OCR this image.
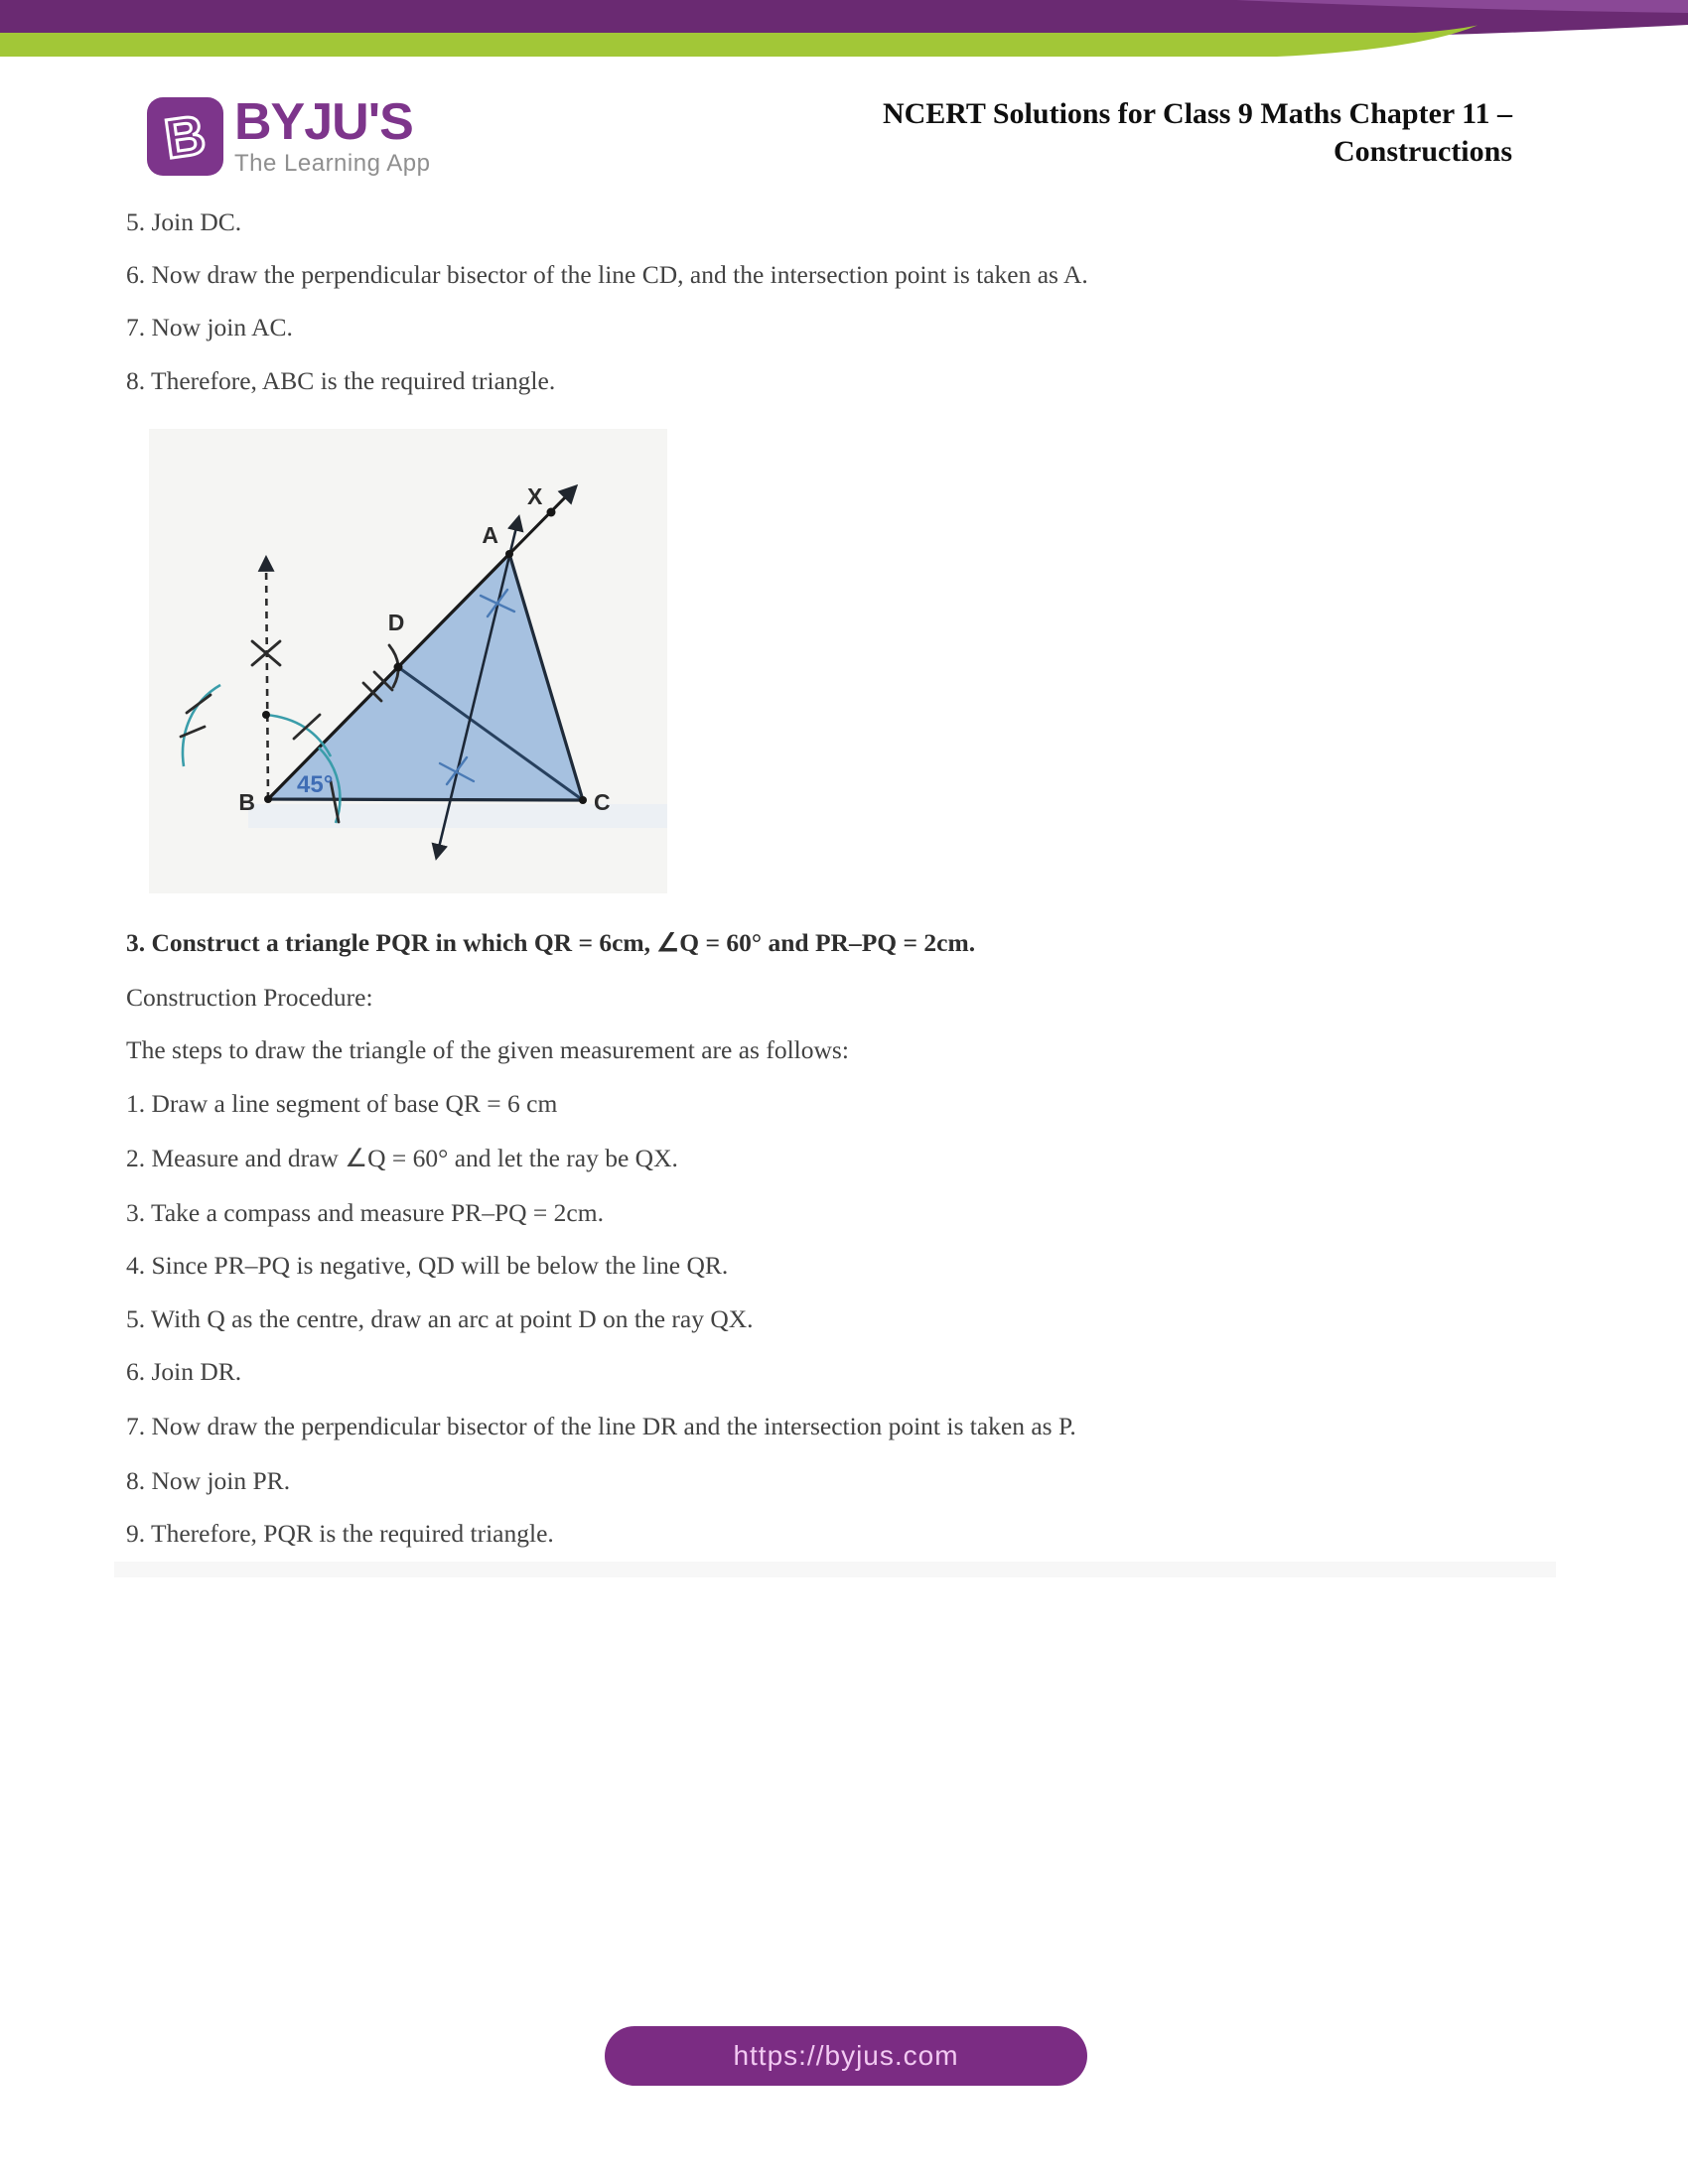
B BYJU'S
The Learning App
NCERT Solutions for Class 9 Maths Chapter 11 –
Constructions

5. Join DC.

6. Now draw the perpendicular bisector of the line CD, and the intersection point is taken as A.

7. Now join AC.

8. Therefore, ABC is the required triangle.

A
B	C
D
X
45°

3. Construct a triangle PQR in which QR = 6cm, ∠Q = 60° and PR–PQ = 2cm.

Construction Procedure:

The steps to draw the triangle of the given measurement are as follows:

1. Draw a line segment of base QR = 6 cm

2. Measure and draw ∠Q = 60° and let the ray be QX.

3. Take a compass and measure PR–PQ = 2cm.

4. Since PR–PQ is negative, QD will be below the line QR.

5. With Q as the centre, draw an arc at point D on the ray QX.

6. Join DR.

7. Now draw the perpendicular bisector of the line DR and the intersection point is taken as P.

8. Now join PR.

9. Therefore, PQR is the required triangle.

https://byjus.com
